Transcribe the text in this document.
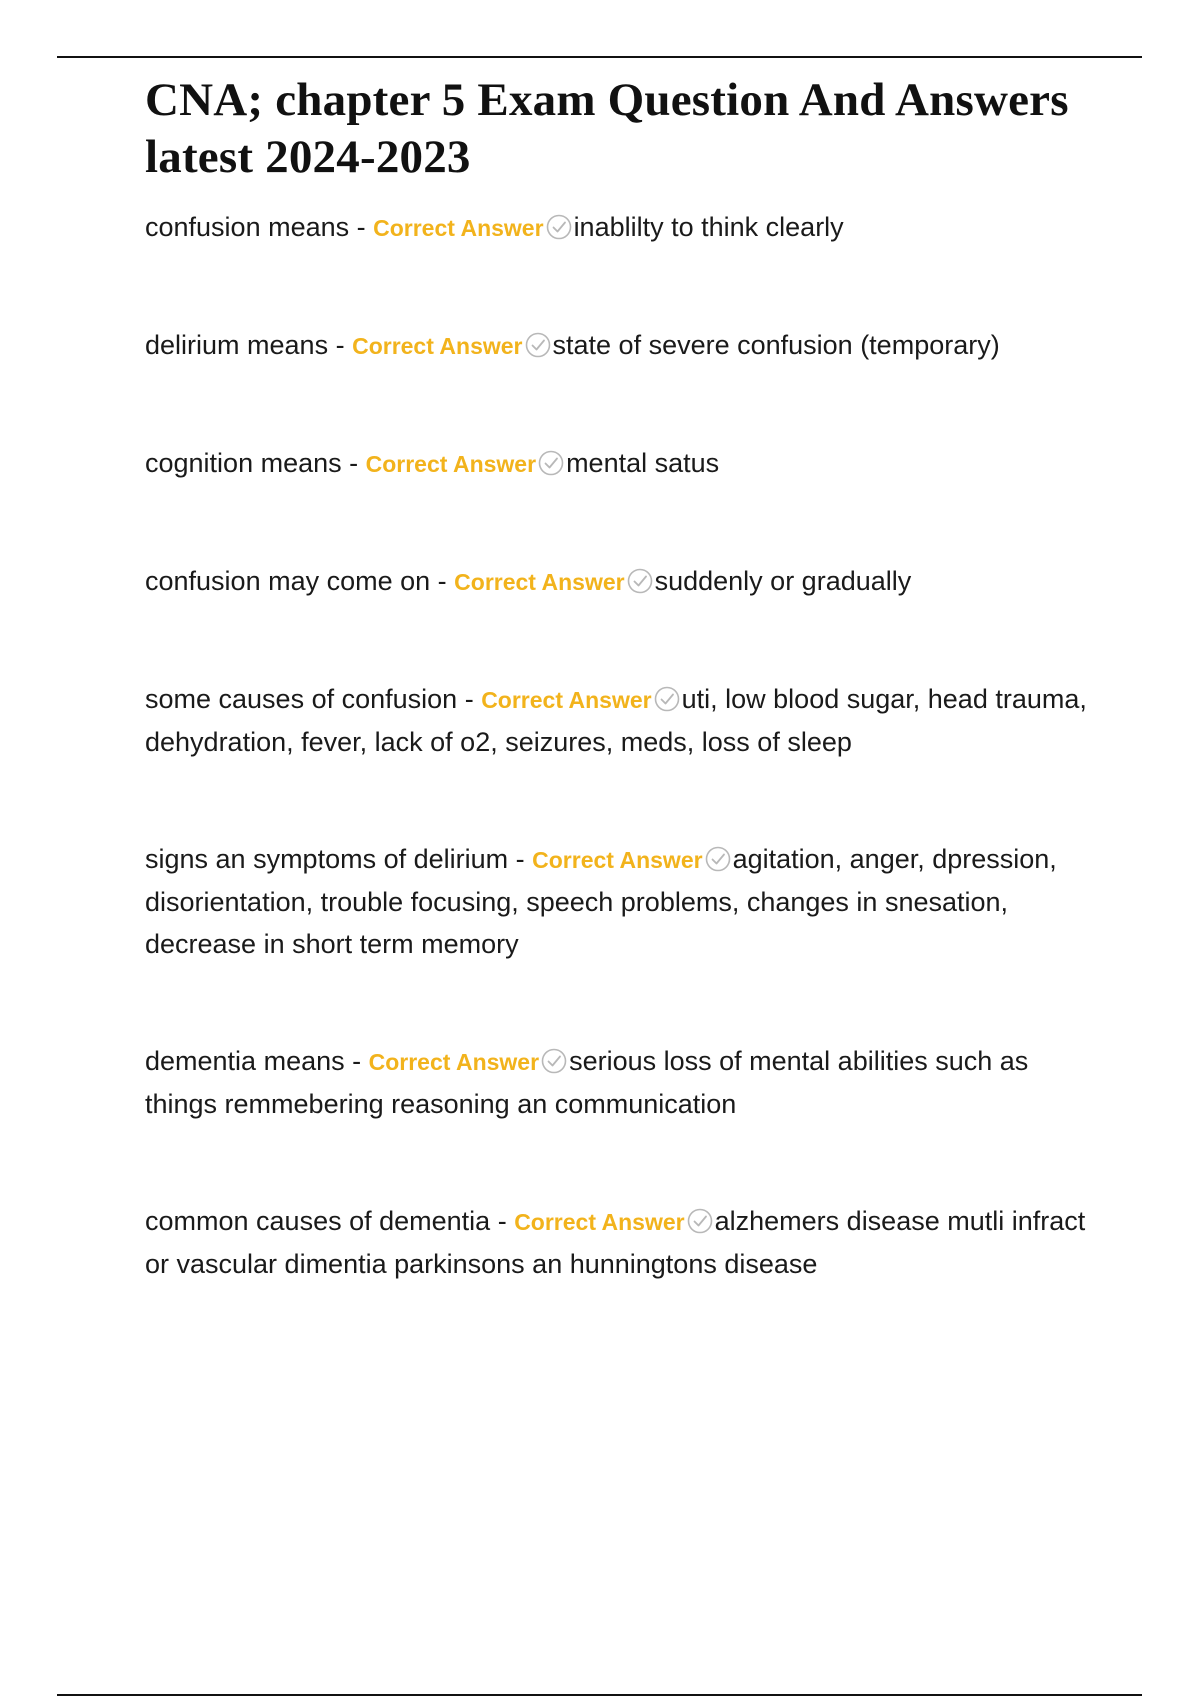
CNA; chapter 5 Exam Question And Answers latest 2024-2023

confusion means - Correct Answer inablilty to think clearly

delirium means - Correct Answer state of severe confusion (temporary)

cognition means - Correct Answer mental satus

confusion may come on - Correct Answer suddenly or gradually

some causes of confusion - Correct Answer uti, low blood sugar, head trauma, dehydration, fever, lack of o2, seizures, meds, loss of sleep

signs an symptoms of delirium - Correct Answer agitation, anger, dpression, disorientation, trouble focusing, speech problems, changes in snesation, decrease in short term memory

dementia means - Correct Answer serious loss of mental abilities such as things remmebering reasoning an communication

common causes of dementia - Correct Answer alzhemers disease mutli infract or vascular dimentia parkinsons an hunningtons disease
